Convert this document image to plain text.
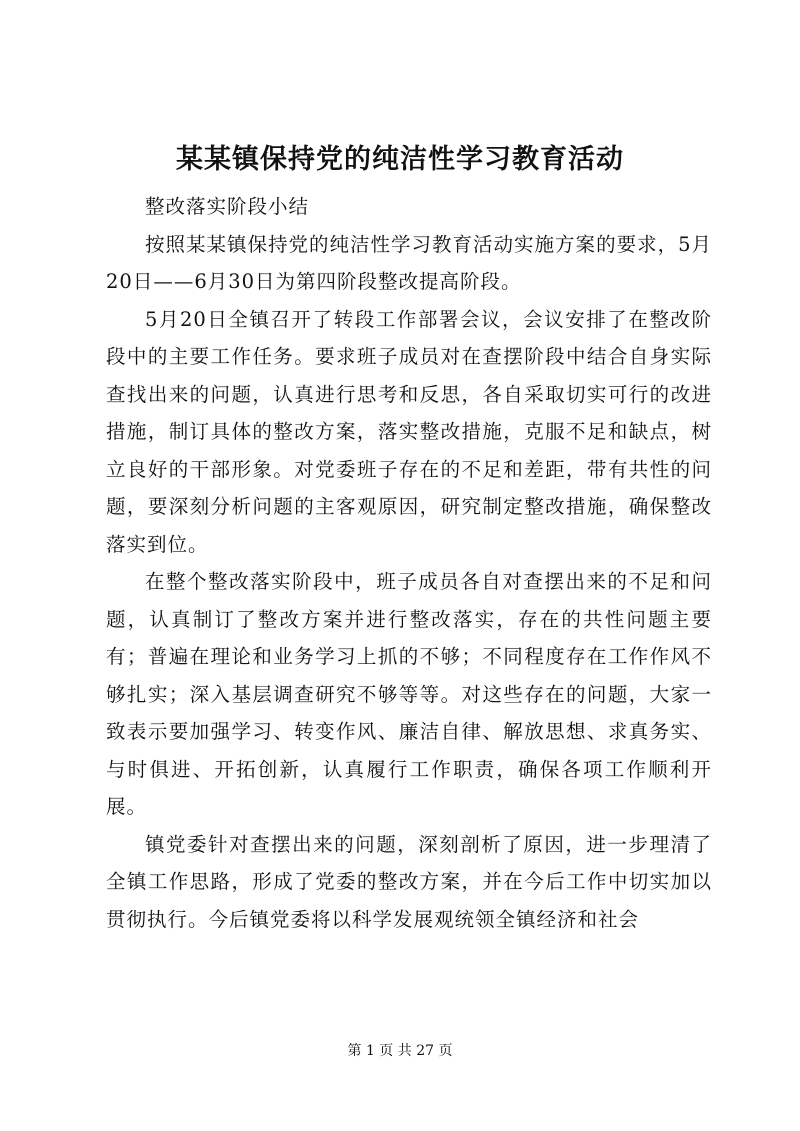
某某镇保持党的纯洁性学习教育活动

整改落实阶段小结

按照某某镇保持党的纯洁性学习教育活动实施方案的要求，5月20日——6月30日为第四阶段整改提高阶段。

5月20日全镇召开了转段工作部署会议，会议安排了在整改阶段中的主要工作任务。要求班子成员对在查摆阶段中结合自身实际查找出来的问题，认真进行思考和反思，各自采取切实可行的改进措施，制订具体的整改方案，落实整改措施，克服不足和缺点，树立良好的干部形象。对党委班子存在的不足和差距，带有共性的问题，要深刻分析问题的主客观原因，研究制定整改措施，确保整改落实到位。

在整个整改落实阶段中，班子成员各自对查摆出来的不足和问题，认真制订了整改方案并进行整改落实，存在的共性问题主要有；普遍在理论和业务学习上抓的不够；不同程度存在工作作风不够扎实；深入基层调查研究不够等等。对这些存在的问题，大家一致表示要加强学习、转变作风、廉洁自律、解放思想、求真务实、与时俱进、开拓创新，认真履行工作职责，确保各项工作顺利开展。

镇党委针对查摆出来的问题，深刻剖析了原因，进一步理清了全镇工作思路，形成了党委的整改方案，并在今后工作中切实加以贯彻执行。今后镇党委将以科学发展观统领全镇经济和社会

第 1 页 共 27 页
